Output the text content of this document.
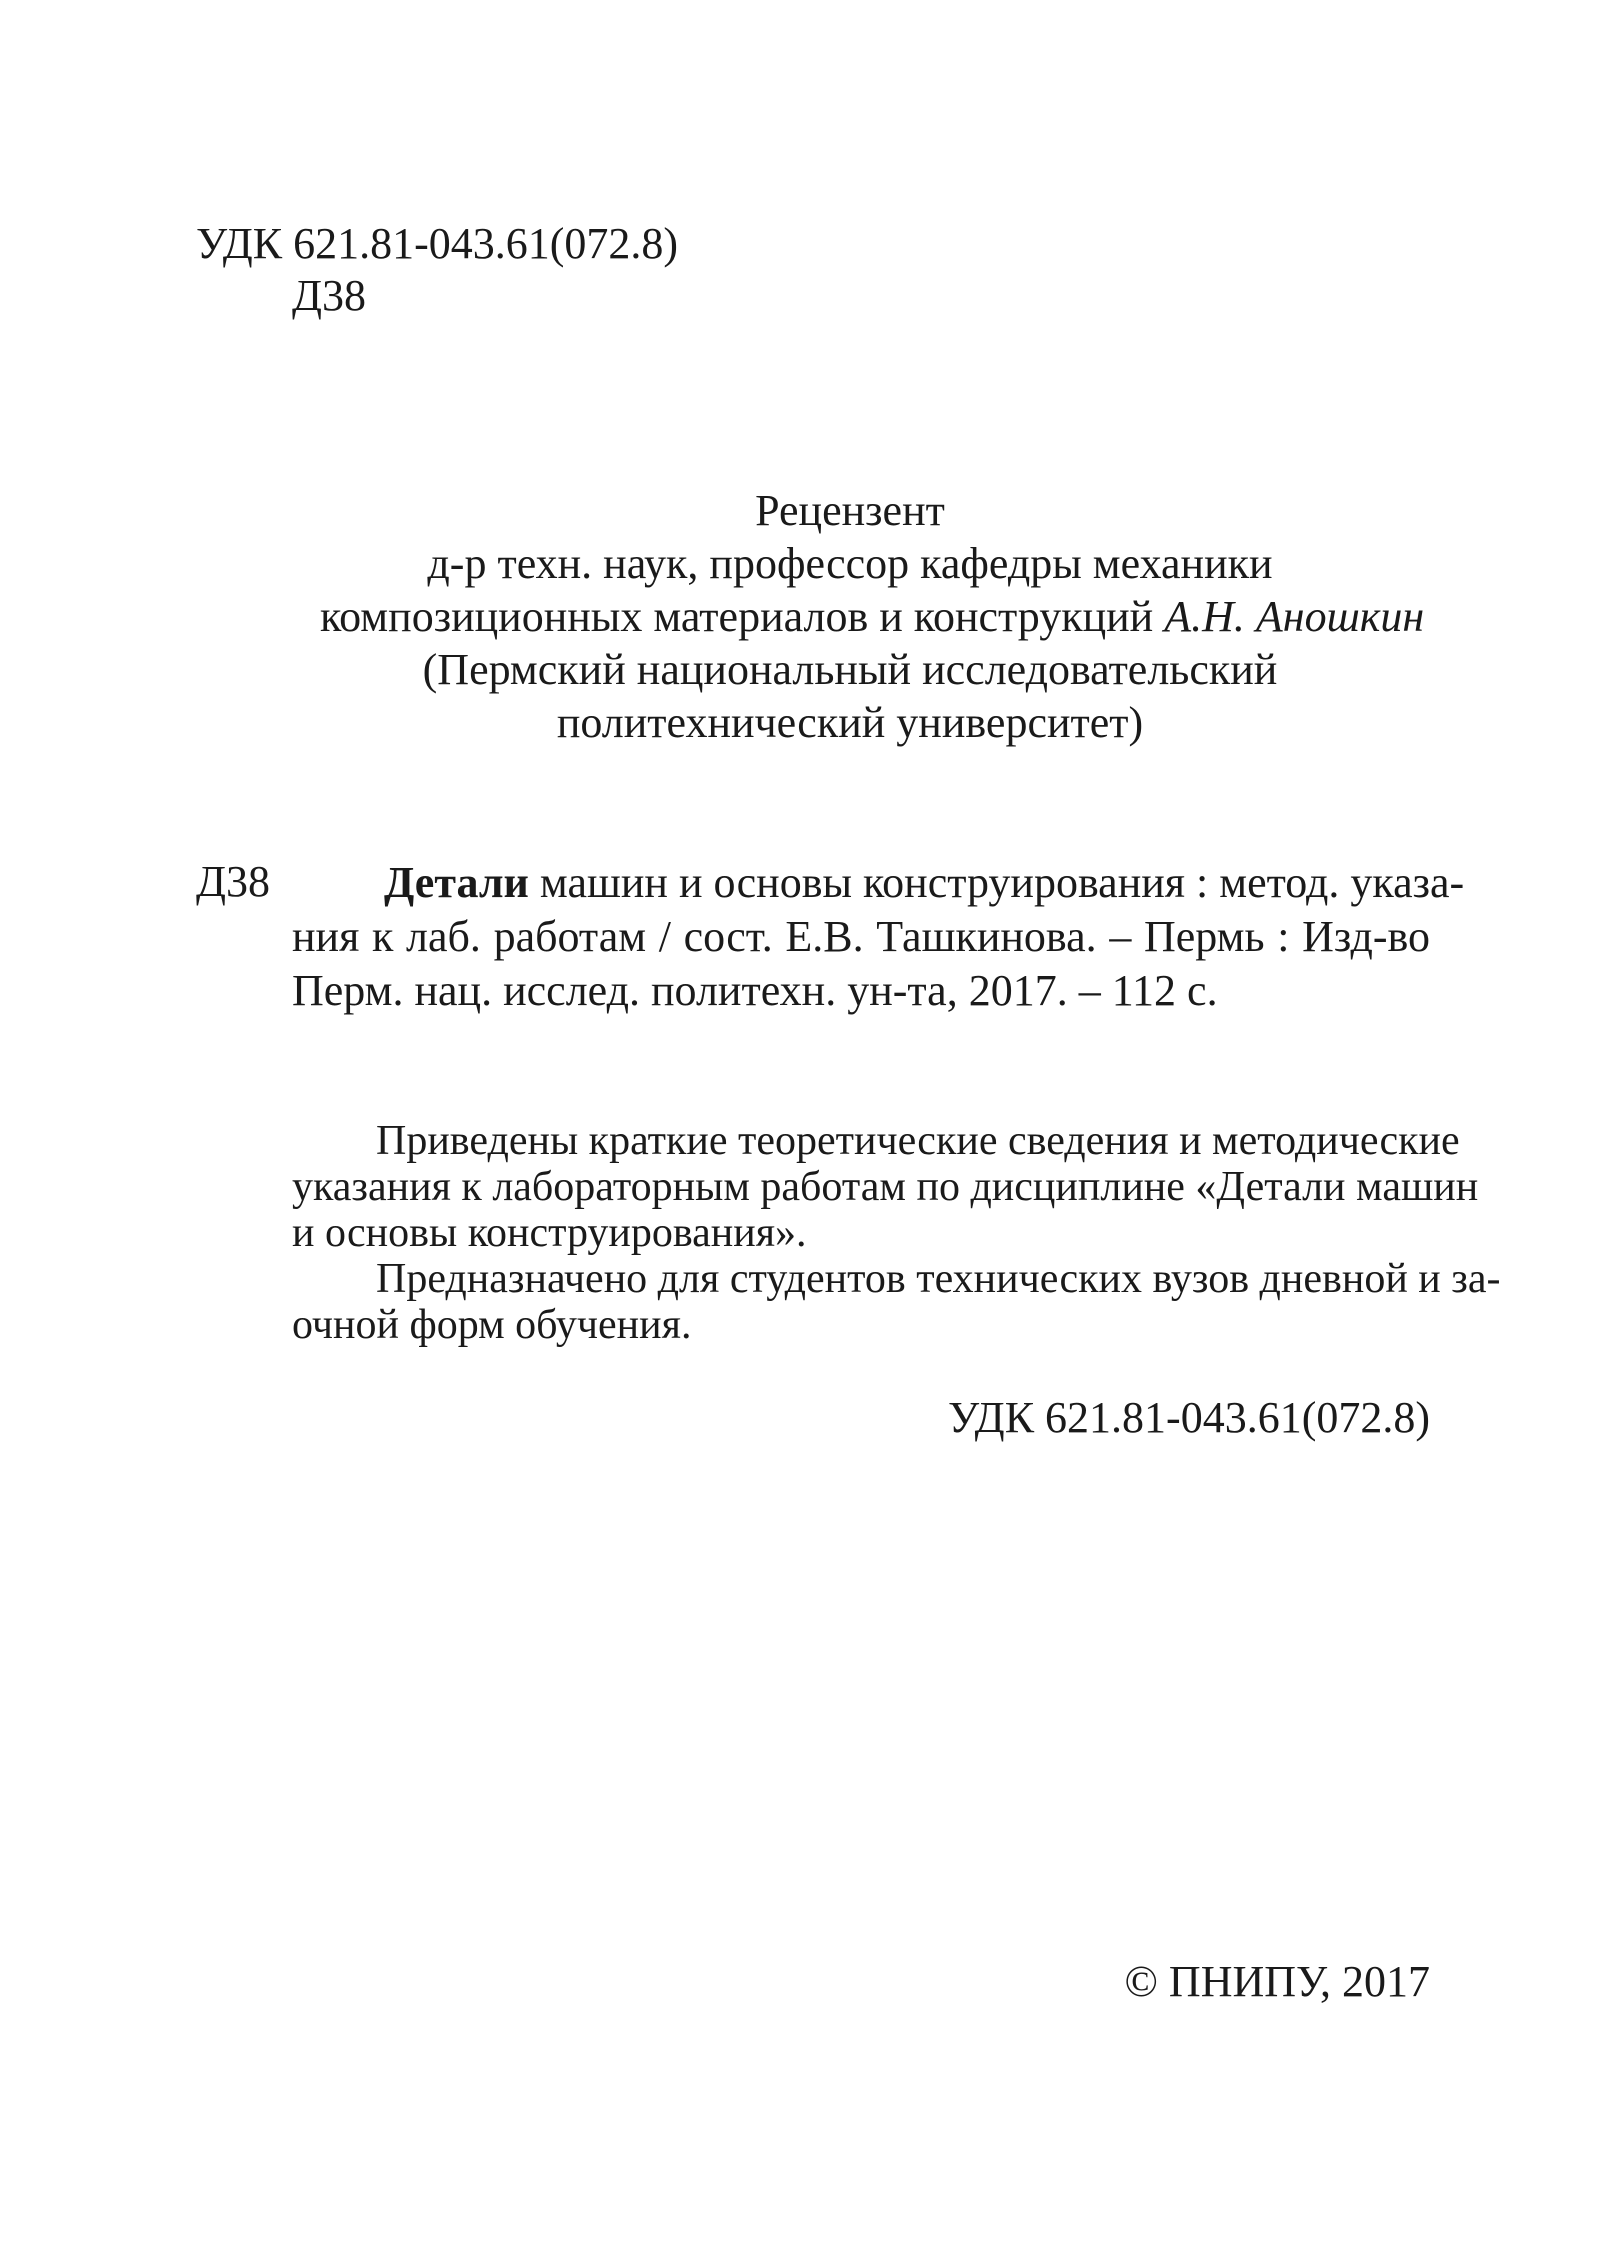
УДК 621.81-043.61(072.8)
Д38
Рецензент
д-р техн. наук, профессор кафедры механики
композиционных материалов и конструкций А.Н. Аношкин
(Пермский национальный исследовательский
политехнический университет)
Д38	Детали машин и основы конструирования : метод. указа-
ния к лаб. работам / сост. Е.В. Ташкинова. – Пермь : Изд-во
Перм. нац. исслед. политехн. ун-та, 2017. – 112 с.
Приведены краткие теоретические сведения и методические
указания к лабораторным работам по дисциплине «Детали машин
и основы конструирования».
Предназначено для студентов технических вузов дневной и за-
очной форм обучения.
УДК 621.81-043.61(072.8)
© ПНИПУ, 2017
